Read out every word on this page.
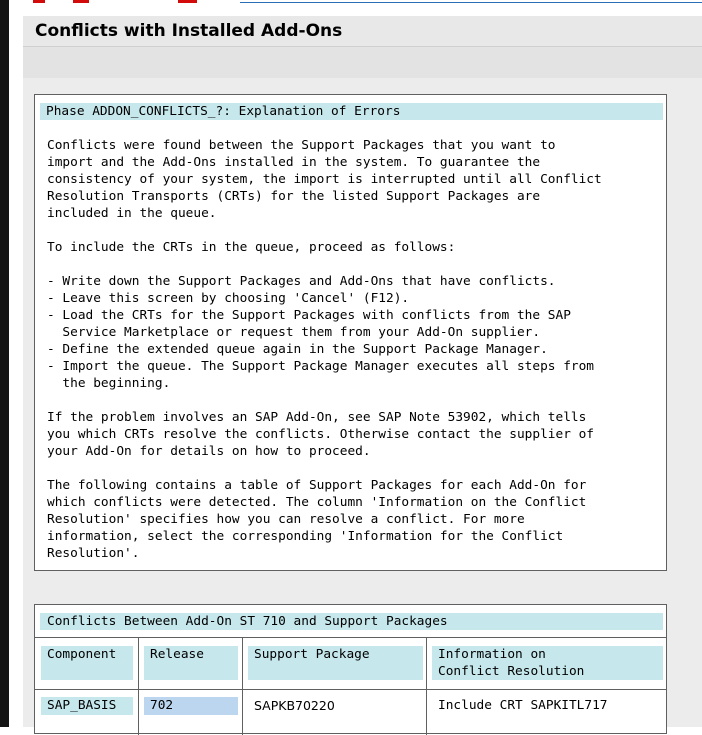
Conflicts with Installed Add-Ons
Phase ADDON_CONFLICTS_?: Explanation of Errors

Conflicts were found between the Support Packages that you want to
import and the Add-Ons installed in the system. To guarantee the
consistency of your system, the import is interrupted until all Conflict
Resolution Transports (CRTs) for the listed Support Packages are
included in the queue.

To include the CRTs in the queue, proceed as follows:

- Write down the Support Packages and Add-Ons that have conflicts.
- Leave this screen by choosing 'Cancel' (F12).
- Load the CRTs for the Support Packages with conflicts from the SAP
Service Marketplace or request them from your Add-On supplier.
- Define the extended queue again in the Support Package Manager.
- Import the queue. The Support Package Manager executes all steps from
the beginning.

If the problem involves an SAP Add-On, see SAP Note 53902, which tells
you which CRTs resolve the conflicts. Otherwise contact the supplier of
your Add-On for details on how to proceed.

The following contains a table of Support Packages for each Add-On for
which conflicts were detected. The column 'Information on the Conflict
Resolution' specifies how you can resolve a conflict. For more
information, select the corresponding 'Information for the Conflict
Resolution'.

Conflicts Between Add-On ST 710 and Support Packages
Component	Release	Support Package	Information on
Conflict Resolution
SAP_BASIS	702	SAPKB70220	Include CRT SAPKITL717
